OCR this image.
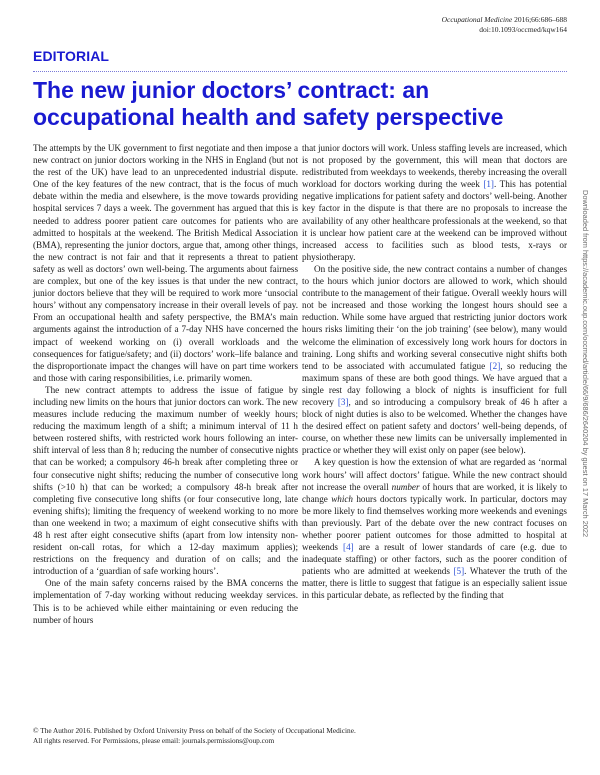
Occupational Medicine 2016;66:686–688
doi:10.1093/occmed/kqw164
EDITORIAL
The new junior doctors’ contract: an occupational health and safety perspective

The attempts by the UK government to first negotiate and then impose a new contract on junior doctors working in the NHS in England (but not the rest of the UK) have lead to an unprecedented industrial dispute. One of the key features of the new contract, that is the focus of much debate within the media and elsewhere, is the move towards providing hospital services 7 days a week. The government has argued that this is needed to address poorer patient care outcomes for patients who are admitted to hospitals at the weekend. The British Medical Association (BMA), representing the junior doctors, argue that, among other things, the new contract is not fair and that it represents a threat to patient safety as well as doctors’ own well-being. The arguments about fairness are complex, but one of the key issues is that under the new contract, junior doctors believe that they will be required to work more ‘unsocial hours’ without any compensatory increase in their overall levels of pay. From an occupational health and safety perspective, the BMA’s main arguments against the introduction of a 7-day NHS have concerned the impact of weekend working on (i) overall workloads and the consequences for fatigue/safety; and (ii) doctors’ work–life balance and the disproportionate impact the changes will have on part time workers and those with caring responsibilities, i.e. primarily women.

The new contract attempts to address the issue of fatigue by including new limits on the hours that junior doctors can work. The new measures include reducing the maximum number of weekly hours; reducing the maximum length of a shift; a minimum interval of 11 h between rostered shifts, with restricted work hours following an inter-shift interval of less than 8 h; reducing the number of consecutive nights that can be worked; a compulsory 46-h break after completing three or four consecutive night shifts; reducing the number of consecutive long shifts (>10 h) that can be worked; a compulsory 48-h break after completing five consecutive long shifts (or four consecutive long, late evening shifts); limiting the frequency of weekend working to no more than one weekend in two; a maximum of eight consecutive shifts with 48 h rest after eight consecutive shifts (apart from low intensity non-resident on-call rotas, for which a 12-day maximum applies); restrictions on the frequency and duration of on calls; and the introduction of a ‘guardian of safe working hours’.

One of the main safety concerns raised by the BMA concerns the implementation of 7-day working without reducing weekday services. This is to be achieved while either maintaining or even reducing the number of hours

that junior doctors will work. Unless staffing levels are increased, which is not proposed by the government, this will mean that doctors are redistributed from weekdays to weekends, thereby increasing the overall workload for doctors working during the week [1]. This has potential negative implications for patient safety and doctors’ well-being. Another key factor in the dispute is that there are no proposals to increase the availability of any other healthcare professionals at the weekend, so that it is unclear how patient care at the weekend can be improved without increased access to facilities such as blood tests, x-rays or physiotherapy.

On the positive side, the new contract contains a number of changes to the hours which junior doctors are allowed to work, which should contribute to the management of their fatigue. Overall weekly hours will not be increased and those working the longest hours should see a reduction. While some have argued that restricting junior doctors work hours risks limiting their ‘on the job training’ (see below), many would welcome the elimination of excessively long work hours for doctors in training. Long shifts and working several consecutive night shifts both tend to be associated with accumulated fatigue [2], so reducing the maximum spans of these are both good things. We have argued that a single rest day following a block of nights is insufficient for full recovery [3], and so introducing a compulsory break of 46 h after a block of night duties is also to be welcomed. Whether the changes have the desired effect on patient safety and doctors’ well-being depends, of course, on whether these new limits can be universally implemented in practice or whether they will exist only on paper (see below).

A key question is how the extension of what are regarded as ‘normal work hours’ will affect doctors’ fatigue. While the new contract should not increase the overall number of hours that are worked, it is likely to change which hours doctors typically work. In particular, doctors may be more likely to find themselves working more weekends and evenings than previously. Part of the debate over the new contract focuses on whether poorer patient outcomes for those admitted to hospital at weekends [4] are a result of lower standards of care (e.g. due to inadequate staffing) or other factors, such as the poorer condition of patients who are admitted at weekends [5]. Whatever the truth of the matter, there is little to suggest that fatigue is an especially salient issue in this particular debate, as reflected by the finding that

© The Author 2016. Published by Oxford University Press on behalf of the Society of Occupational Medicine.
All rights reserved. For Permissions, please email: journals.permissions@oup.com
Downloaded from https://academic.oup.com/occmed/article/66/9/686/2640204 by guest on 17 March 2022
